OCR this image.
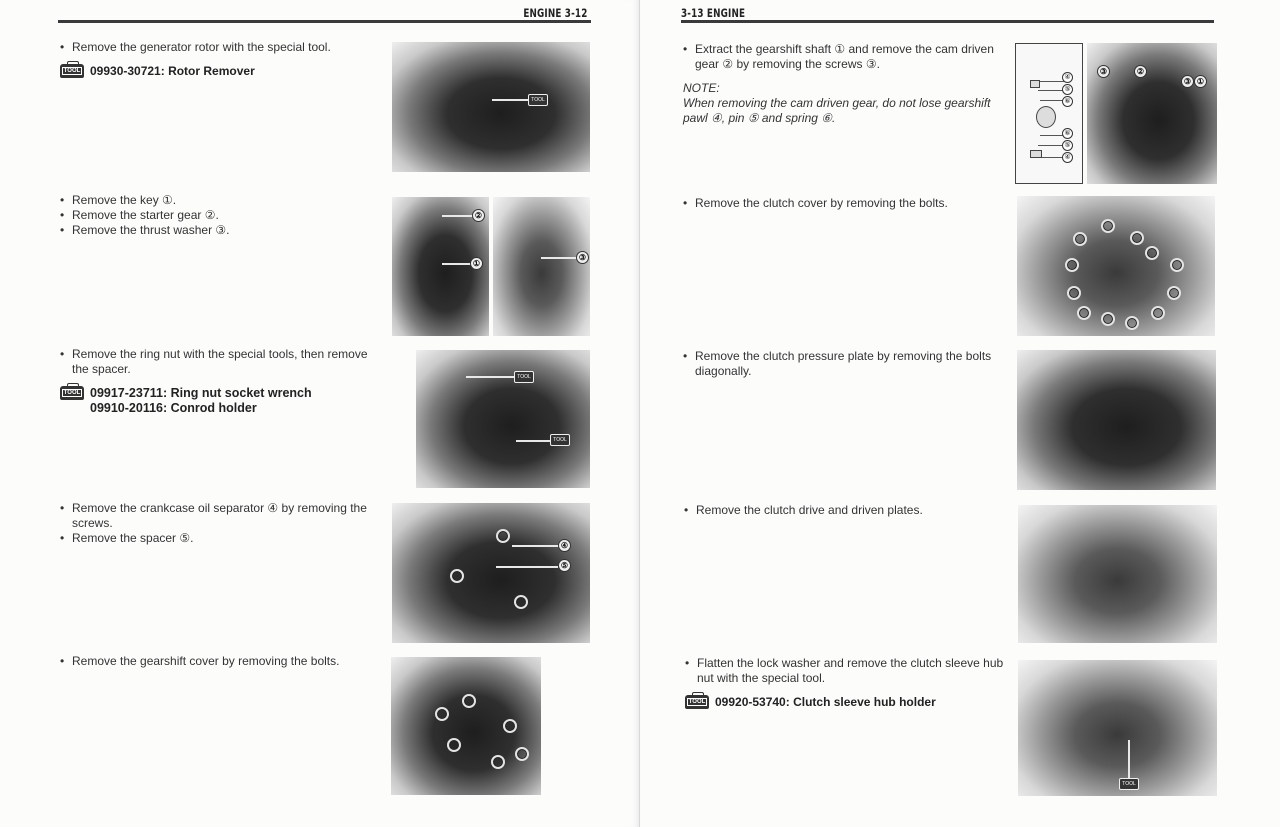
ENGINE 3-12
• Remove the generator rotor with the special tool.
TOOL 09930-30721: Rotor Remover
TOOL
• Remove the key ①.
• Remove the starter gear ②.
• Remove the thrust washer ③.
②
①
③
• Remove the ring nut with the special tools, then remove the spacer.
TOOL 09917-23711: Ring nut socket wrench
09910-20116: Conrod holder
TOOL
TOOL
• Remove the crankcase oil separator ④ by removing the screws.
• Remove the spacer ⑤.
④
⑤
• Remove the gearshift cover by removing the bolts.
3-13 ENGINE
• Extract the gearshift shaft ① and remove the cam driven gear ② by removing the screws ③.
NOTE:
When removing the cam driven gear, do not lose gearshift pawl ④, pin ⑤ and spring ⑥.
④
⑤
⑥
⑥
⑤
④
③	②
③ ①
• Remove the clutch cover by removing the bolts.
• Remove the clutch pressure plate by removing the bolts diagonally.
• Remove the clutch drive and driven plates.
• Flatten the lock washer and remove the clutch sleeve hub nut with the special tool.
TOOL 09920-53740: Clutch sleeve hub holder
TOOL
